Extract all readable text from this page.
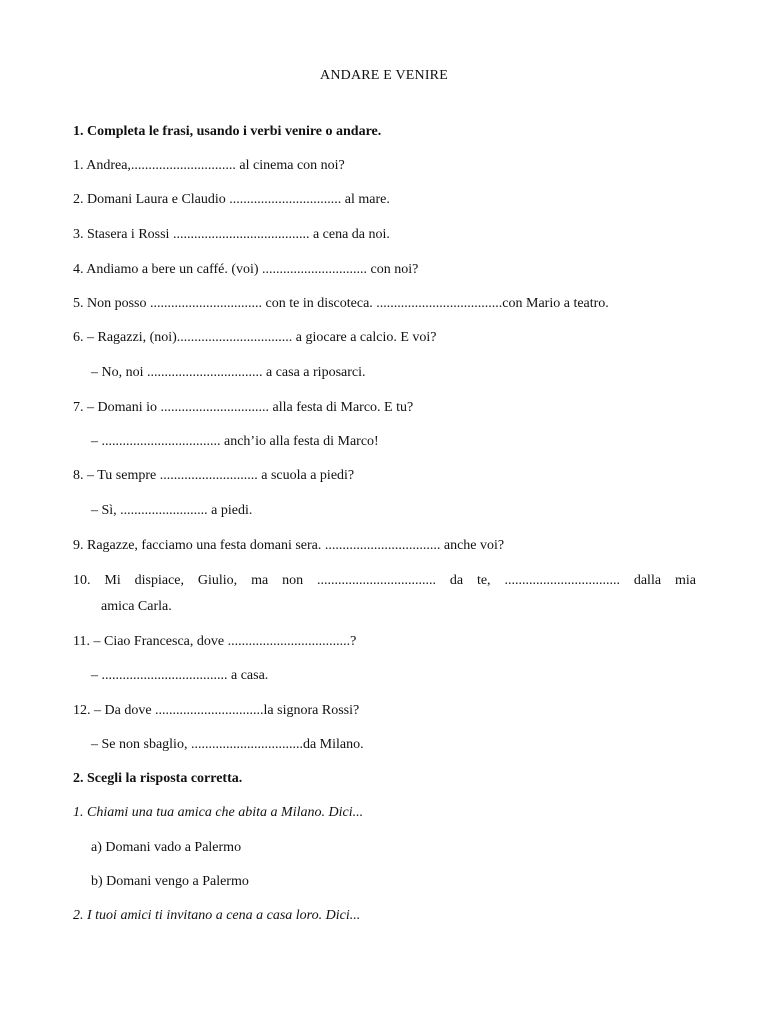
ANDARE E VENIRE
1. Completa le frasi, usando i verbi venire o andare.
1. Andrea,.............................. al cinema con noi?
2. Domani Laura e Claudio ................................ al mare.
3. Stasera i Rossi ....................................... a cena da noi.
4. Andiamo a bere un caffé. (voi) .............................. con noi?
5. Non posso ................................ con te in discoteca. ....................................con Mario a teatro.
6. – Ragazzi, (noi)................................. a giocare a calcio. E voi?
– No, noi ................................. a casa a riposarci.
7. – Domani io ............................... alla festa di Marco. E tu?
– .................................. anch’io alla festa di Marco!
8. – Tu sempre ............................ a scuola a piedi?
– Sì, ......................... a piedi.
9. Ragazze, facciamo una festa domani sera. ................................. anche voi?
10. Mi dispiace, Giulio, ma non .................................. da te, ................................. dalla mia
amica Carla.
11. – Ciao Francesca, dove ...................................?
– .................................... a casa.
12. – Da dove ...............................la signora Rossi?
– Se non sbaglio, ................................da Milano.
2. Scegli la risposta corretta.
1. Chiami una tua amica che abita a Milano. Dici...
a) Domani vado a Palermo
b) Domani vengo a Palermo
2. I tuoi amici ti invitano a cena a casa loro. Dici...
